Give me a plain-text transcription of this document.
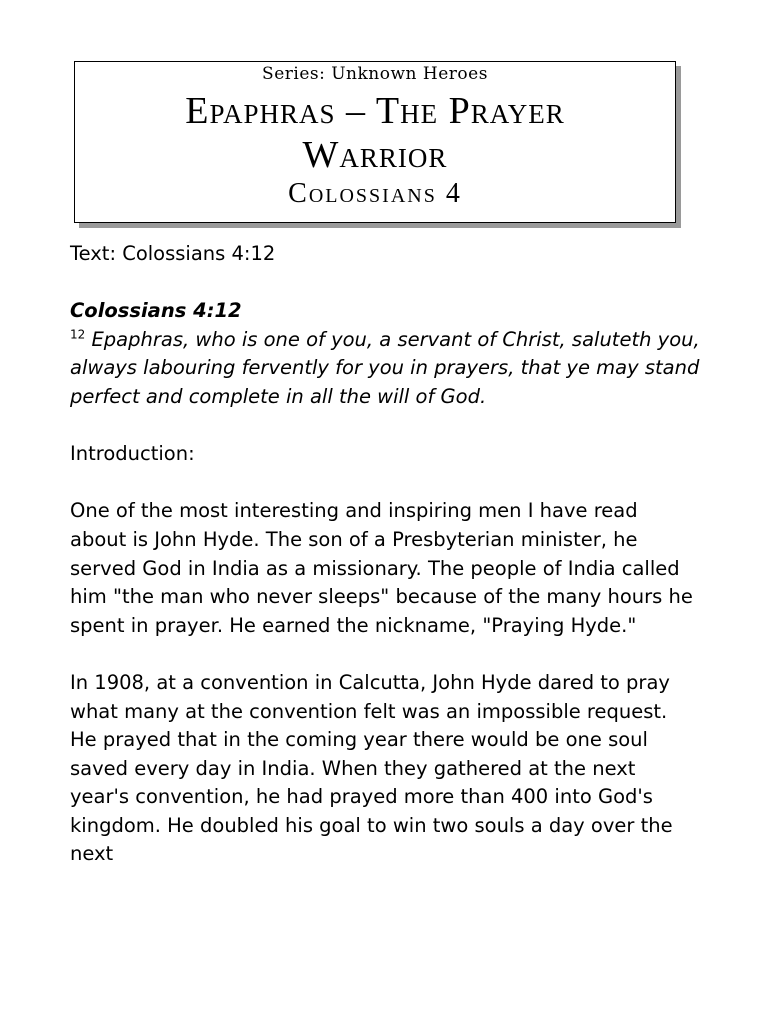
Series: Unknown Heroes
Epaphras – The Prayer
Warrior
Colossians 4

Text: Colossians 4:12

Colossians 4:12
$^{12}$ Epaphras, who is one of you, a servant of Christ, saluteth you, always labouring fervently for you in prayers, that ye may stand perfect and complete in all the will of God.

Introduction:

One of the most interesting and inspiring men I have read about is John Hyde. The son of a Presbyterian minister, he served God in India as a missionary. The people of India called him "the man who never sleeps" because of the many hours he spent in prayer. He earned the nickname, "Praying Hyde."

In 1908, at a convention in Calcutta, John Hyde dared to pray what many at the convention felt was an impossible request. He prayed that in the coming year there would be one soul saved every day in India. When they gathered at the next year's convention, he had prayed more than 400 into God's kingdom. He doubled his goal to win two souls a day over the next
